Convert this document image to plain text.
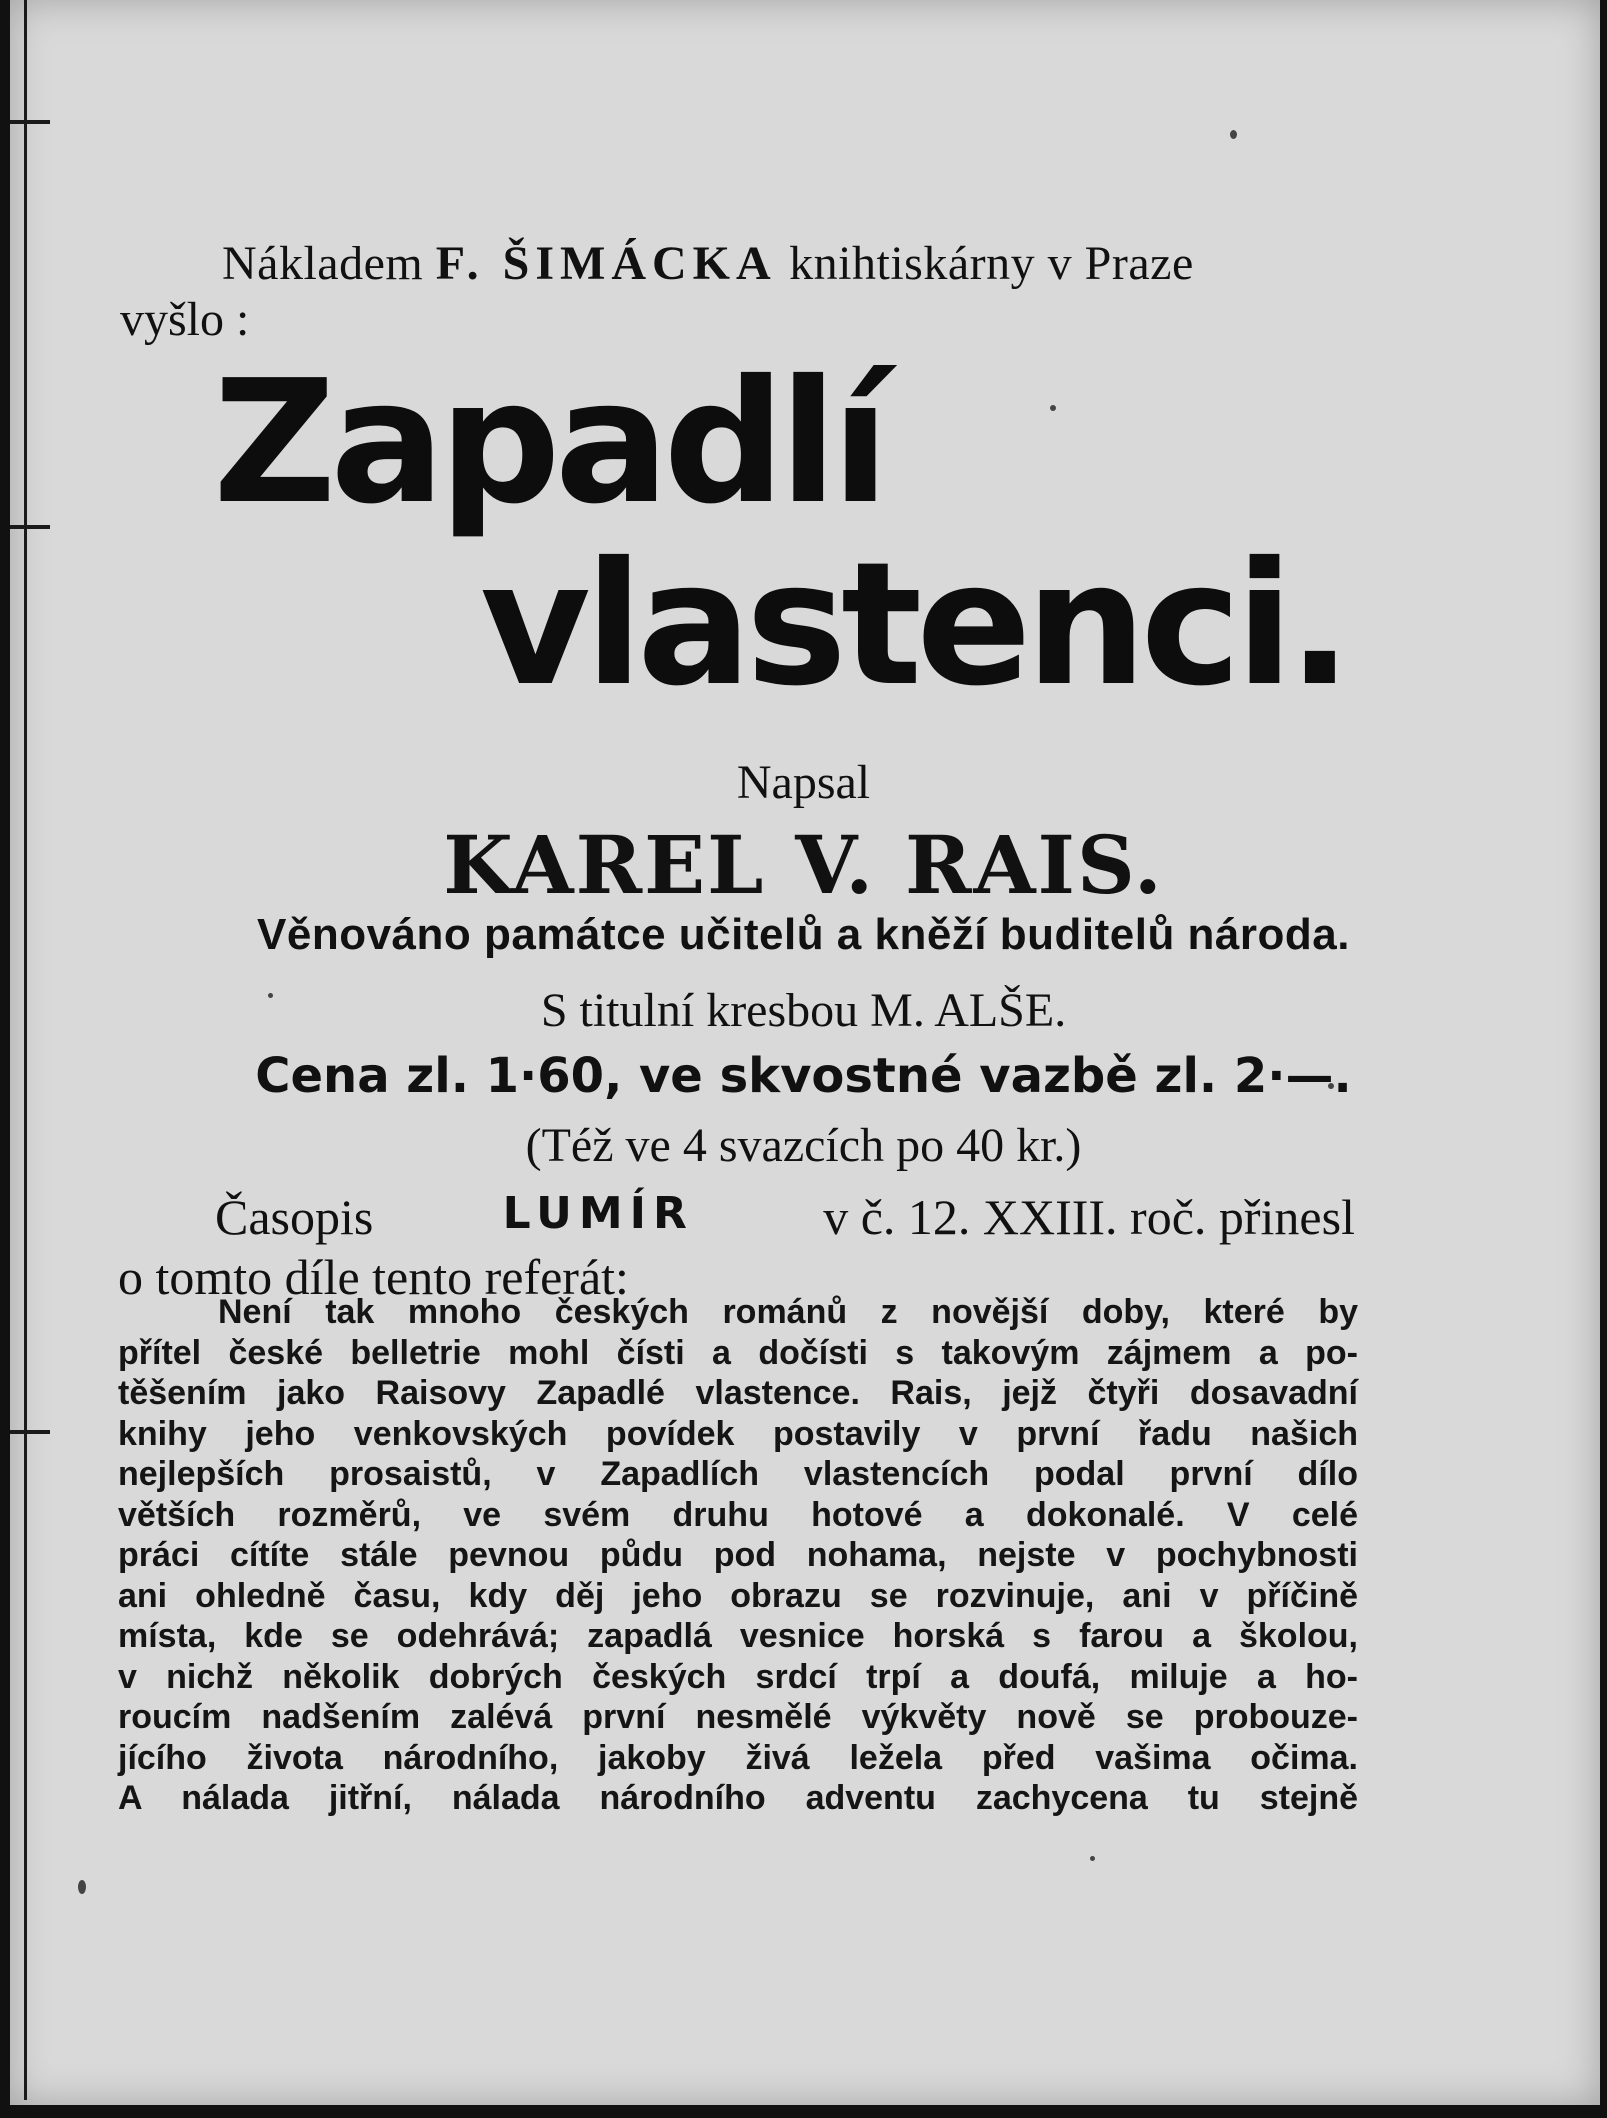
Nákladem F. ŠIMÁCKA knihtiskárny v Praze
vyšlo :
Zapadlí
vlastenci.
Napsal
KAREL V. RAIS.
Věnováno památce učitelů a kněží buditelů národa.
S titulní kresbou M. ALŠE.
Cena zl. 1·60, ve skvostné vazbě zl. 2·—.
(Též ve 4 svazcích po 40 kr.)
Časopis	LUMÍR	v č. 12. XXIII. roč. přinesl
o tomto díle tento referát:
Není tak mnoho českých románů z novější doby, které by
přítel české belletrie mohl čísti a dočísti s takovým zájmem a po-
těšením jako Raisovy Zapadlé vlastence. Rais, jejž čtyři dosavadní
knihy jeho venkovských povídek postavily v první řadu našich
nejlepších prosaistů, v Zapadlích vlastencích podal první dílo
větších rozměrů, ve svém druhu hotové a dokonalé. V celé
práci cítíte stále pevnou půdu pod nohama, nejste v pochybnosti
ani ohledně času, kdy děj jeho obrazu se rozvinuje, ani v příčině
místa, kde se odehrává; zapadlá vesnice horská s farou a školou,
v nichž několik dobrých českých srdcí trpí a doufá, miluje a ho-
roucím nadšením zalévá první nesmělé výkvěty nově se probouze-
jícího života národního, jakoby živá ležela před vašima očima.
A nálada jitřní, nálada národního adventu zachycena tu stejně
